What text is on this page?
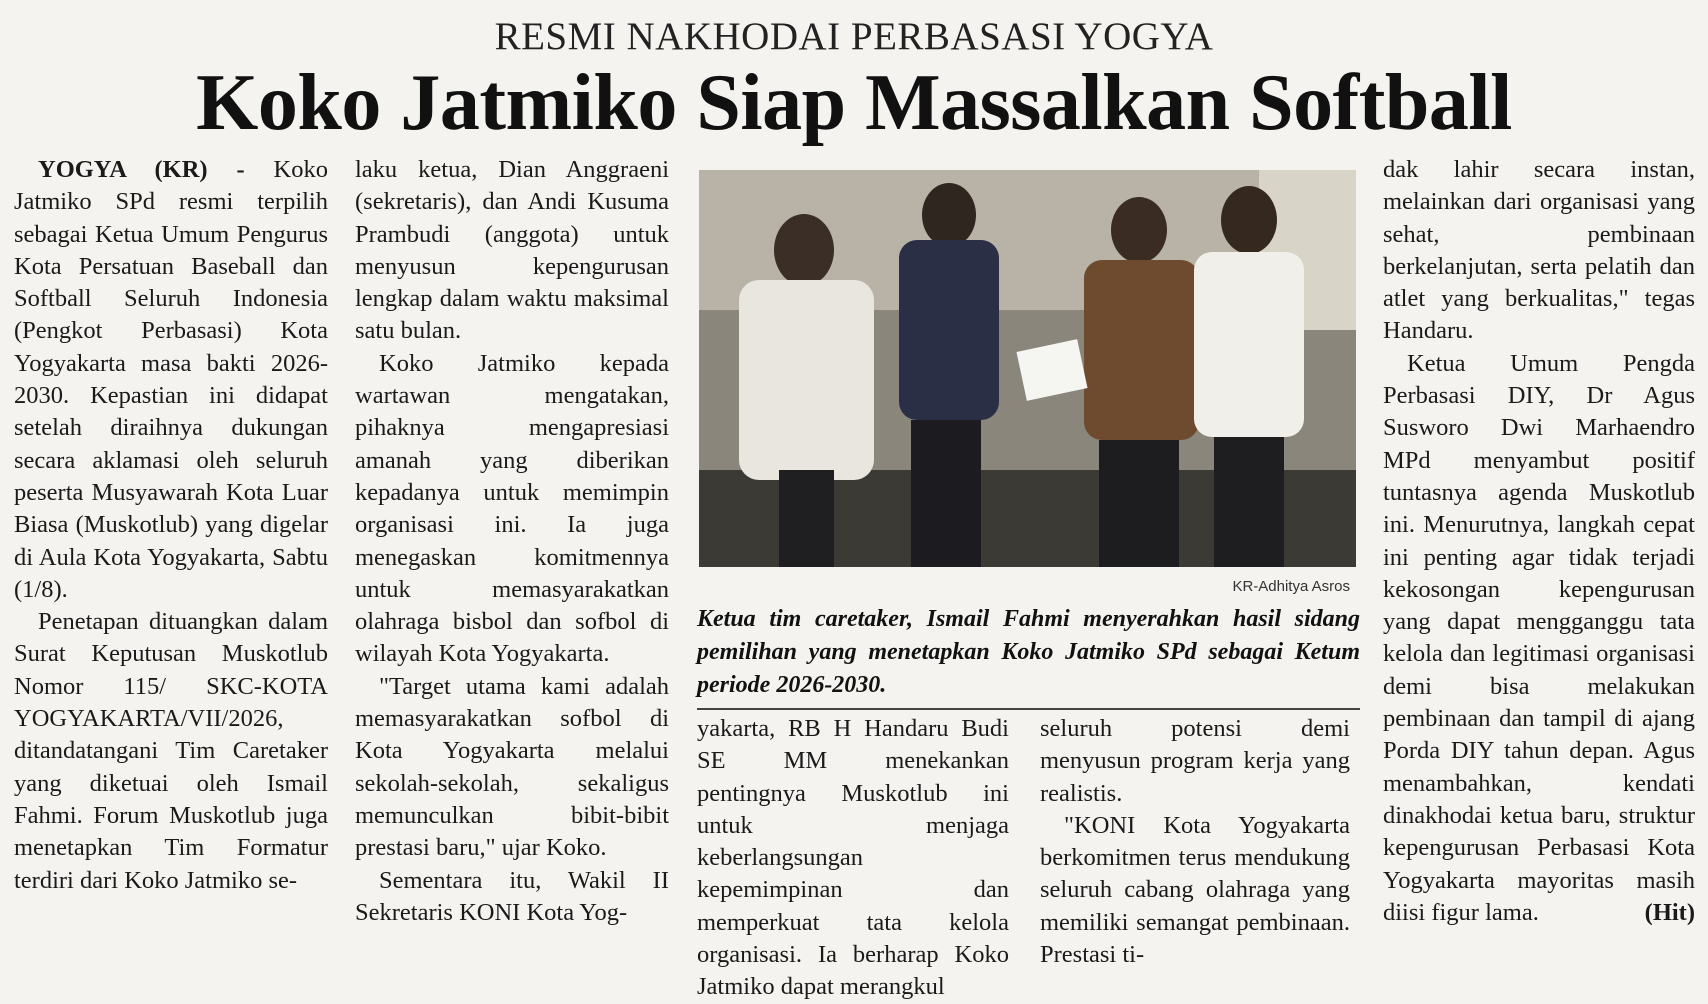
RESMI NAKHODAI PERBASASI YOGYA
Koko Jatmiko Siap Massalkan Softball

YOGYA (KR) - Koko Jatmiko SPd resmi terpilih sebagai Ketua Umum Pengurus Kota Persatuan Baseball dan Softball Seluruh Indonesia (Pengkot Perbasasi) Kota Yogyakarta masa bakti 2026-2030. Kepastian ini didapat setelah diraihnya dukungan secara aklamasi oleh seluruh peserta Musyawarah Kota Luar Biasa (Muskotlub) yang digelar di Aula Kota Yogyakarta, Sabtu (1/8).

Penetapan dituangkan dalam Surat Keputusan Muskotlub Nomor 115/ SKC-KOTA YOGYAKARTA/VII/2026, ditandatangani Tim Caretaker yang diketuai oleh Ismail Fahmi. Forum Muskotlub juga menetapkan Tim Formatur terdiri dari Koko Jatmiko se-

laku ketua, Dian Anggraeni (sekretaris), dan Andi Kusuma Prambudi (anggota) untuk menyusun kepengurusan lengkap dalam waktu maksimal satu bulan.

Koko Jatmiko kepada wartawan mengatakan, pihaknya mengapresiasi amanah yang diberikan kepadanya untuk memimpin organisasi ini. Ia juga menegaskan komitmennya untuk memasyarakatkan olahraga bisbol dan sofbol di wilayah Kota Yogyakarta.

"Target utama kami adalah memasyarakatkan sofbol di Kota Yogyakarta melalui sekolah-sekolah, sekaligus memunculkan bibit-bibit prestasi baru," ujar Koko.

Sementara itu, Wakil II Sekretaris KONI Kota Yog-

KR-Adhitya Asros
Ketua tim caretaker, Ismail Fahmi menyerahkan hasil sidang pemilihan yang menetapkan Koko Jatmiko SPd sebagai Ketum periode 2026-2030.

yakarta, RB H Handaru Budi SE MM menekankan pentingnya Muskotlub ini untuk menjaga keberlangsungan kepemimpinan dan memperkuat tata kelola organisasi. Ia berharap Koko Jatmiko dapat merangkul

seluruh potensi demi menyusun program kerja yang realistis.

"KONI Kota Yogyakarta berkomitmen terus mendukung seluruh cabang olahraga yang memiliki semangat pembinaan. Prestasi ti-

dak lahir secara instan, melainkan dari organisasi yang sehat, pembinaan berkelanjutan, serta pelatih dan atlet yang berkualitas," tegas Handaru.

Ketua Umum Pengda Perbasasi DIY, Dr Agus Susworo Dwi Marhaendro MPd menyambut positif tuntasnya agenda Muskotlub ini. Menurutnya, langkah cepat ini penting agar tidak terjadi kekosongan kepengurusan yang dapat mengganggu tata kelola dan legitimasi organisasi demi bisa melakukan pembinaan dan tampil di ajang Porda DIY tahun depan. Agus menambahkan, kendati dinakhodai ketua baru, struktur kepengurusan Perbasasi Kota Yogyakarta mayoritas masih diisi figur lama.	(Hit)
